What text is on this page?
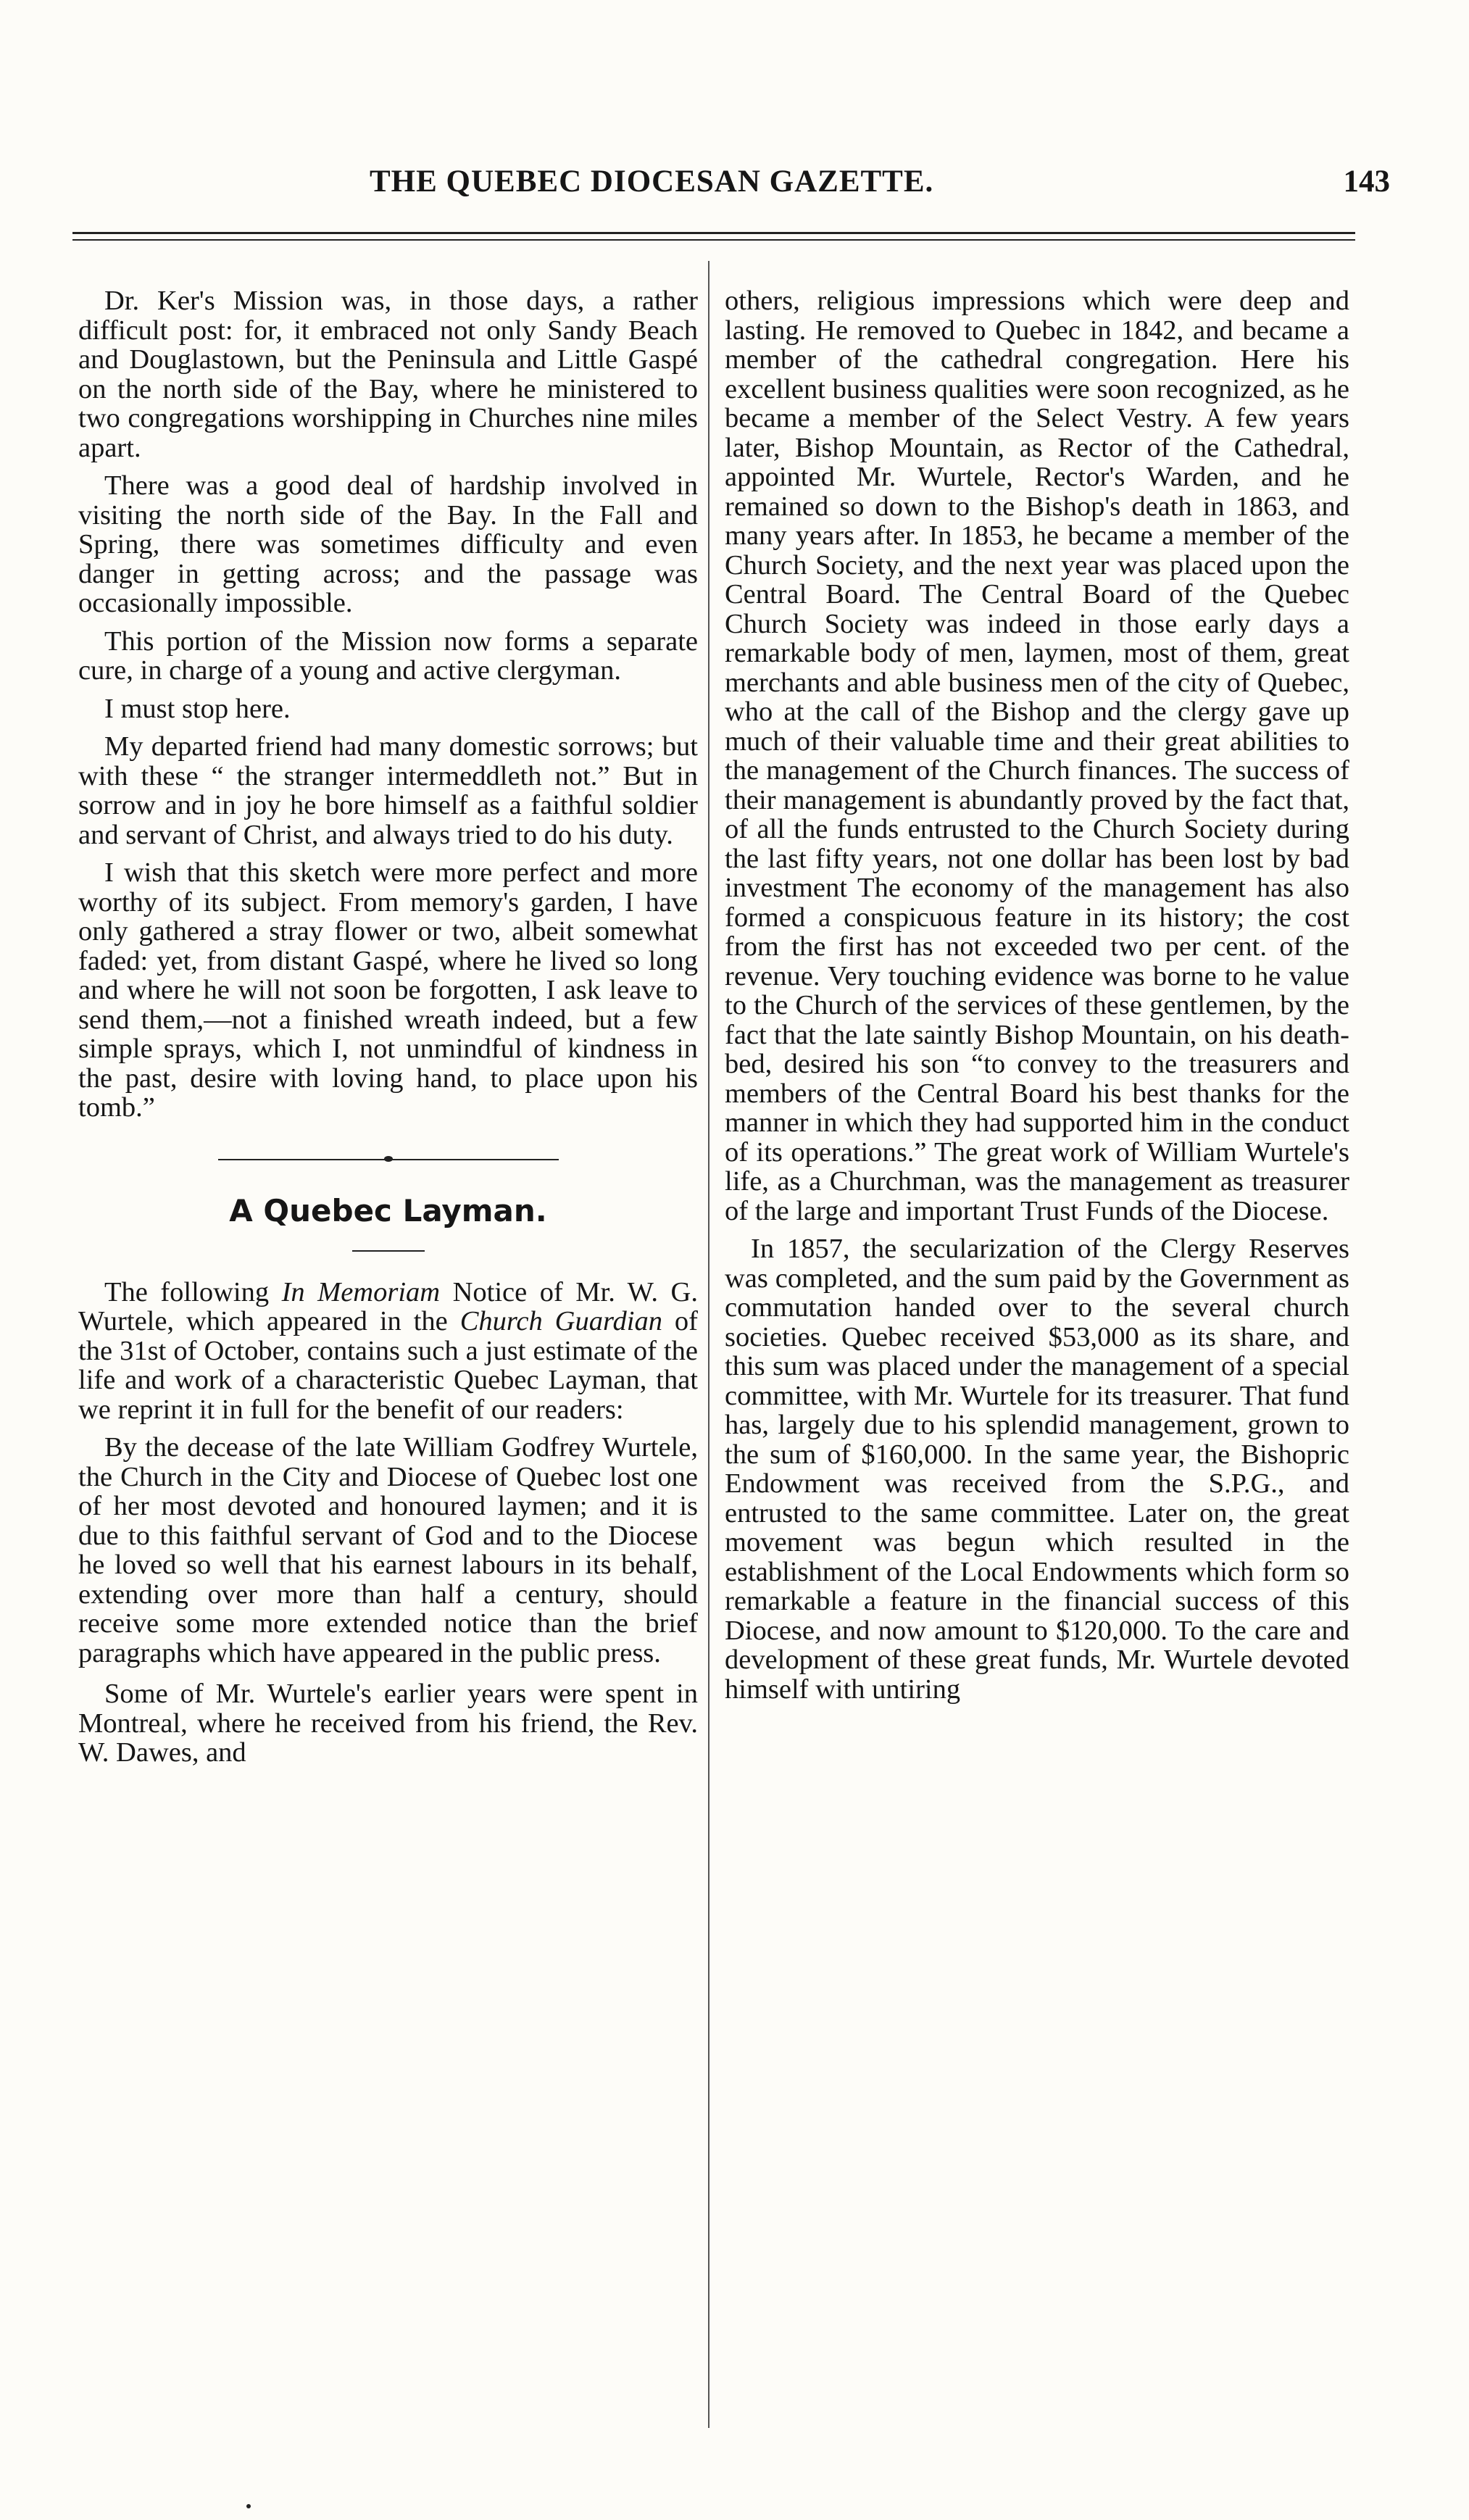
THE QUEBEC DIOCESAN GAZETTE.	143

Dr. Ker's Mission was, in those days, a rather difficult post: for, it embraced not only Sandy Beach and Douglastown, but the Peninsula and Little Gaspé on the north side of the Bay, where he ministered to two congregations worshipping in Churches nine miles apart.

There was a good deal of hardship involved in visiting the north side of the Bay. In the Fall and Spring, there was sometimes difficulty and even danger in getting across; and the passage was occasionally impossible.

This portion of the Mission now forms a separate cure, in charge of a young and active clergyman.

I must stop here.

My departed friend had many domestic sorrows; but with these “ the stranger intermeddleth not.” But in sorrow and in joy he bore himself as a faithful soldier and servant of Christ, and always tried to do his duty.

I wish that this sketch were more perfect and more worthy of its subject. From memory's garden, I have only gathered a stray flower or two, albeit somewhat faded: yet, from distant Gaspé, where he lived so long and where he will not soon be forgotten, I ask leave to send them,—not a finished wreath indeed, but a few simple sprays, which I, not unmindful of kindness in the past, desire with loving hand, to place upon his tomb.”

A Quebec Layman.

The following In Memoriam Notice of Mr. W. G. Wurtele, which appeared in the Church Guardian of the 31st of October, contains such a just estimate of the life and work of a characteristic Quebec Layman, that we reprint it in full for the benefit of our readers:

By the decease of the late William Godfrey Wurtele, the Church in the City and Diocese of Quebec lost one of her most devoted and honoured laymen; and it is due to this faithful servant of God and to the Diocese he loved so well that his earnest labours in its behalf, extending over more than half a century, should receive some more extended notice than the brief paragraphs which have appeared in the public press.

Some of Mr. Wurtele's earlier years were spent in Montreal, where he received from his friend, the Rev. W. Dawes, and

others, religious impressions which were deep and lasting. He removed to Quebec in 1842, and became a member of the cathedral congregation. Here his excellent business qualities were soon recognized, as he became a member of the Select Vestry. A few years later, Bishop Mountain, as Rector of the Cathedral, appointed Mr. Wurtele, Rector's Warden, and he remained so down to the Bishop's death in 1863, and many years after. In 1853, he became a member of the Church Society, and the next year was placed upon the Central Board. The Central Board of the Quebec Church Society was indeed in those early days a remarkable body of men, laymen, most of them, great merchants and able business men of the city of Quebec, who at the call of the Bishop and the clergy gave up much of their valuable time and their great abilities to the management of the Church finances. The success of their management is abundantly proved by the fact that, of all the funds entrusted to the Church Society during the last fifty years, not one dollar has been lost by bad investment The economy of the management has also formed a conspicuous feature in its history; the cost from the first has not exceeded two per cent. of the revenue. Very touching evidence was borne to he value to the Church of the services of these gentlemen, by the fact that the late saintly Bishop Mountain, on his death-bed, desired his son “to convey to the treasurers and members of the Central Board his best thanks for the manner in which they had supported him in the conduct of its operations.” The great work of William Wurtele's life, as a Churchman, was the management as treasurer of the large and important Trust Funds of the Diocese.

In 1857, the secularization of the Clergy Reserves was completed, and the sum paid by the Government as commutation handed over to the several church societies. Quebec received $53,000 as its share, and this sum was placed under the management of a special committee, with Mr. Wurtele for its treasurer. That fund has, largely due to his splendid management, grown to the sum of $160,000. In the same year, the Bishopric Endowment was received from the S.P.G., and entrusted to the same committee. Later on, the great movement was begun which resulted in the establishment of the Local Endowments which form so remarkable a feature in the financial success of this Diocese, and now amount to $120,000. To the care and development of these great funds, Mr. Wurtele devoted himself with untiring
